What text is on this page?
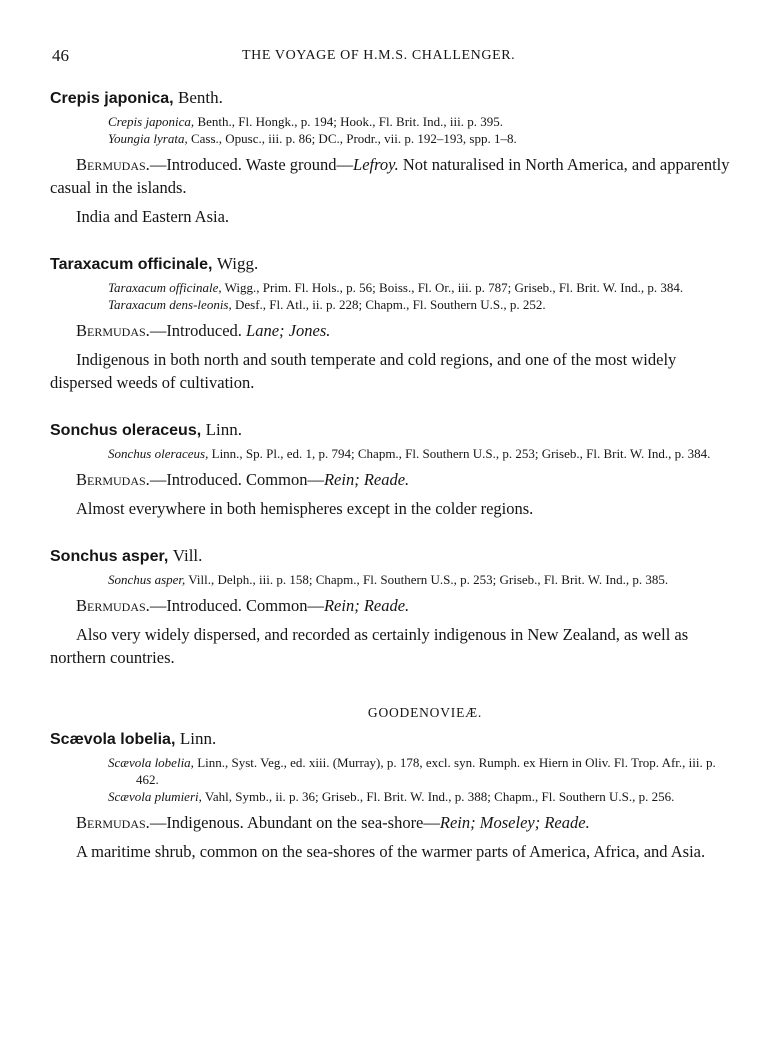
46	THE VOYAGE OF H.M.S. CHALLENGER.

Crepis japonica, Benth.

Crepis japonica, Benth., Fl. Hongk., p. 194; Hook., Fl. Brit. Ind., iii. p. 395.

Youngia lyrata, Cass., Opusc., iii. p. 86; DC., Prodr., vii. p. 192–193, spp. 1–8.

Bermudas.—Introduced. Waste ground—Lefroy. Not naturalised in North America, and apparently casual in the islands.

India and Eastern Asia.

Taraxacum officinale, Wigg.

Taraxacum officinale, Wigg., Prim. Fl. Hols., p. 56; Boiss., Fl. Or., iii. p. 787; Griseb., Fl. Brit. W. Ind., p. 384.

Taraxacum dens-leonis, Desf., Fl. Atl., ii. p. 228; Chapm., Fl. Southern U.S., p. 252.

Bermudas.—Introduced. Lane; Jones.

Indigenous in both north and south temperate and cold regions, and one of the most widely dispersed weeds of cultivation.

Sonchus oleraceus, Linn.

Sonchus oleraceus, Linn., Sp. Pl., ed. 1, p. 794; Chapm., Fl. Southern U.S., p. 253; Griseb., Fl. Brit. W. Ind., p. 384.

Bermudas.—Introduced. Common—Rein; Reade.

Almost everywhere in both hemispheres except in the colder regions.

Sonchus asper, Vill.

Sonchus asper, Vill., Delph., iii. p. 158; Chapm., Fl. Southern U.S., p. 253; Griseb., Fl. Brit. W. Ind., p. 385.

Bermudas.—Introduced. Common—Rein; Reade.

Also very widely dispersed, and recorded as certainly indigenous in New Zealand, as well as northern countries.

GOODENOVIEÆ.

Scævola lobelia, Linn.

Scævola lobelia, Linn., Syst. Veg., ed. xiii. (Murray), p. 178, excl. syn. Rumph. ex Hiern in Oliv. Fl. Trop. Afr., iii. p. 462.

Scævola plumieri, Vahl, Symb., ii. p. 36; Griseb., Fl. Brit. W. Ind., p. 388; Chapm., Fl. Southern U.S., p. 256.

Bermudas.—Indigenous. Abundant on the sea-shore—Rein; Moseley; Reade.

A maritime shrub, common on the sea-shores of the warmer parts of America, Africa, and Asia.
